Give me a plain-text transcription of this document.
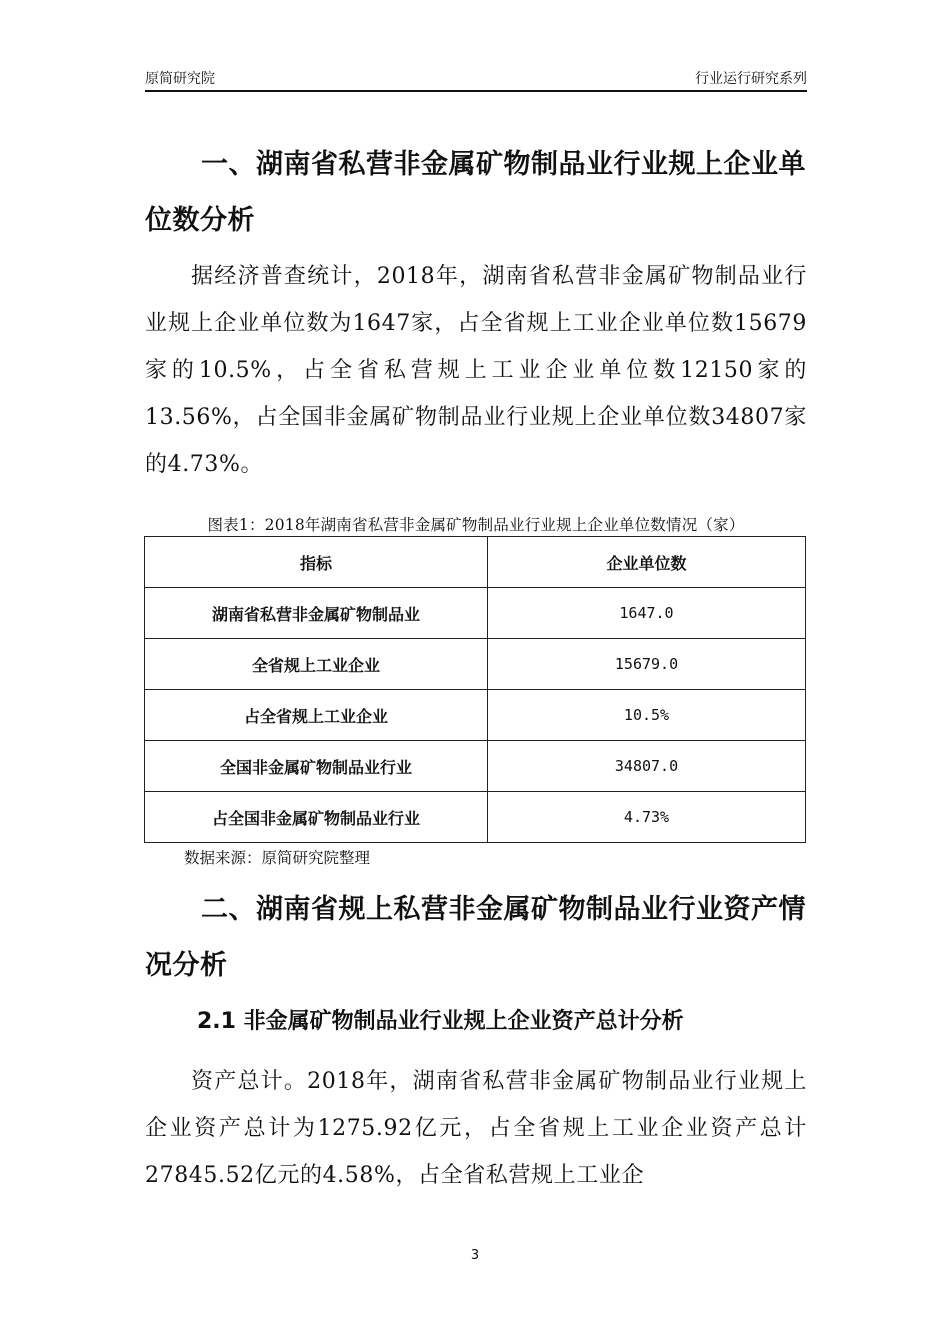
原简研究院	行业运行研究系列
一、湖南省私营非金属矿物制品业行业规上企业单位数分析
据经济普查统计，2018年，湖南省私营非金属矿物制品业行业规上企业单位数为1647家，占全省规上工业企业单位数15679家的10.5%，占全省私营规上工业企业单位数12150家的13.56%，占全国非金属矿物制品业行业规上企业单位数34807家的4.73%。
图表1：2018年湖南省私营非金属矿物制品业行业规上企业单位数情况（家）
指标	企业单位数
湖南省私营非金属矿物制品业	1647.0
全省规上工业企业	15679.0
占全省规上工业企业	10.5%
全国非金属矿物制品业行业	34807.0
占全国非金属矿物制品业行业	4.73%
数据来源：原简研究院整理
二、湖南省规上私营非金属矿物制品业行业资产情况分析
2.1 非金属矿物制品业行业规上企业资产总计分析
资产总计。2018年，湖南省私营非金属矿物制品业行业规上企业资产总计为1275.92亿元，占全省规上工业企业资产总计27845.52亿元的4.58%，占全省私营规上工业企
3
